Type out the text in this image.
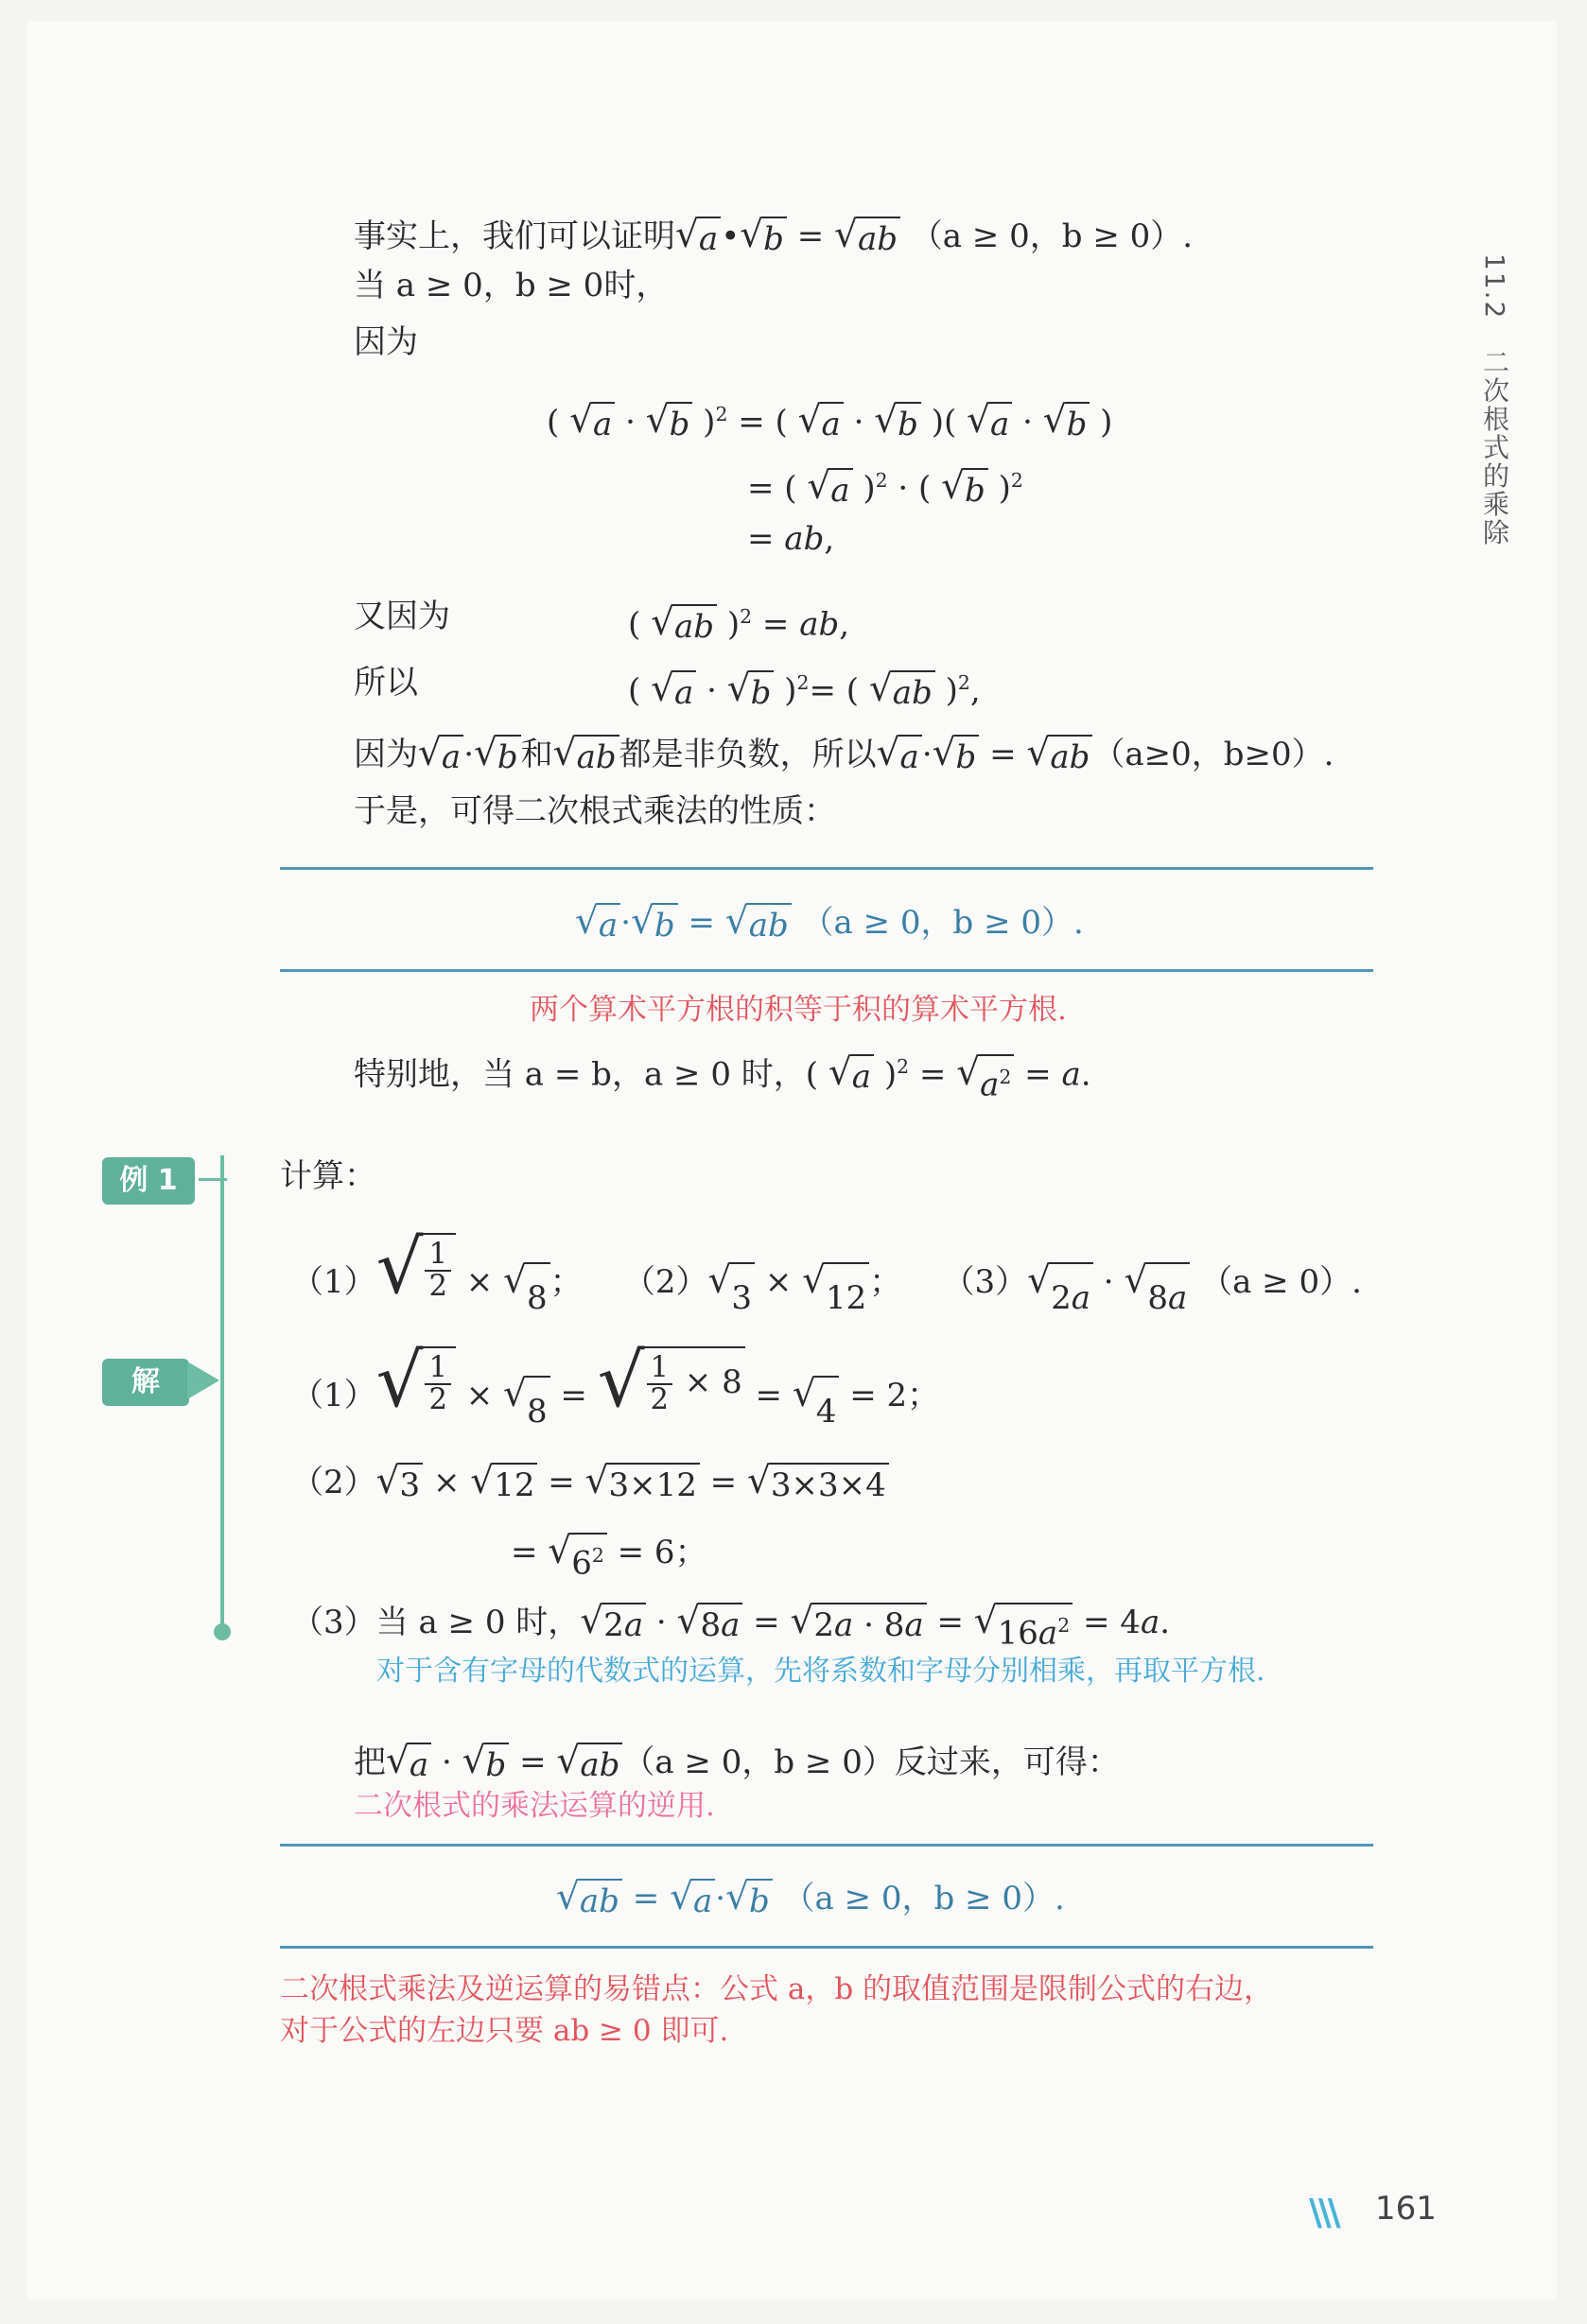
11.2　二次根式的乘除
事实上，我们可以证明 √ a • √ b = √ ab （a ≥ 0，b ≥ 0）.
当 a ≥ 0，b ≥ 0时，
因为
( √ a · √ b )$^2$ = ( √ a · √ b )( √ a · √ b )
= ( √ a )$^2$ · ( √ b )$^2$
= ab,
又因为	( √ ab )$^2$ = ab,
所以	( √ a · √ b )$^2$= ( √ ab )$^2$,
因为 √ a · √ b 和 √ ab 都是非负数，所以 √ a · √ b = √ ab （a≥0，b≥0）.
于是，可得二次根式乘法的性质：
√ a · √ b = √ ab （a ≥ 0，b ≥ 0）.
两个算术平方根的积等于积的算术平方根.
特别地，当 a = b，a ≥ 0 时，( √ a )$^2$ = √ $a^2 = a$.
例 1	计算：
（1） √ $\frac{1}{2}$ × √ 8 ；    （2） √ 3 × √ 12 ；    （3） √ 2a · √ 8a （a ≥ 0）.
解	（1） √ $\frac{1}{2}$ × √ 8 = √ $\frac{1}{2} \times 8$ = √ 4 = 2；
（2） √ 3 × √ 12 = √ 3×12 = √ 3×3×4
= √ $6^2 = 6$；
（3）当 a ≥ 0 时， √ 2a · √ 8a = √ 2a · 8a = √ $16a^2 = 4a$.
对于含有字母的代数式的运算，先将系数和字母分别相乘，再取平方根.
把 √ a · √ b = √ ab （a ≥ 0，b ≥ 0）反过来，可得：
二次根式的乘法运算的逆用.
√ ab = √ a · √ b （a ≥ 0，b ≥ 0）.
二次根式乘法及逆运算的易错点：公式 a，b 的取值范围是限制公式的右边，
对于公式的左边只要 ab ≥ 0 即可.
\\\ 161
